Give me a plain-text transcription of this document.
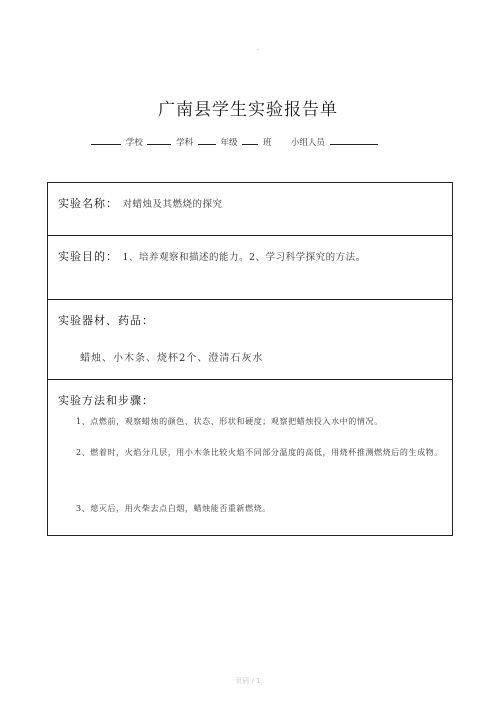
·
广南县学生实验报告单
学校	学科	年级	班 小组人员
实验名称： 对蜡烛及其燃烧的探究
实验目的： 1、培养观察和描述的能力。2、学习科学探究的方法。
实验器材、药品：
蜡烛、小木条、烧杯2个、澄清石灰水
实验方法和步骤：
1、点燃前，观察蜡烛的颜色、状态、形状和硬度；观察把蜡烛投入水中的情况。
2、燃着时，火焰分几层，用小木条比较火焰不同部分温度的高低，用烧杯推测燃烧后的生成物。
3、熄灭后，用火柴去点白烟，蜡烛能否重新燃烧。
页码 / 1
